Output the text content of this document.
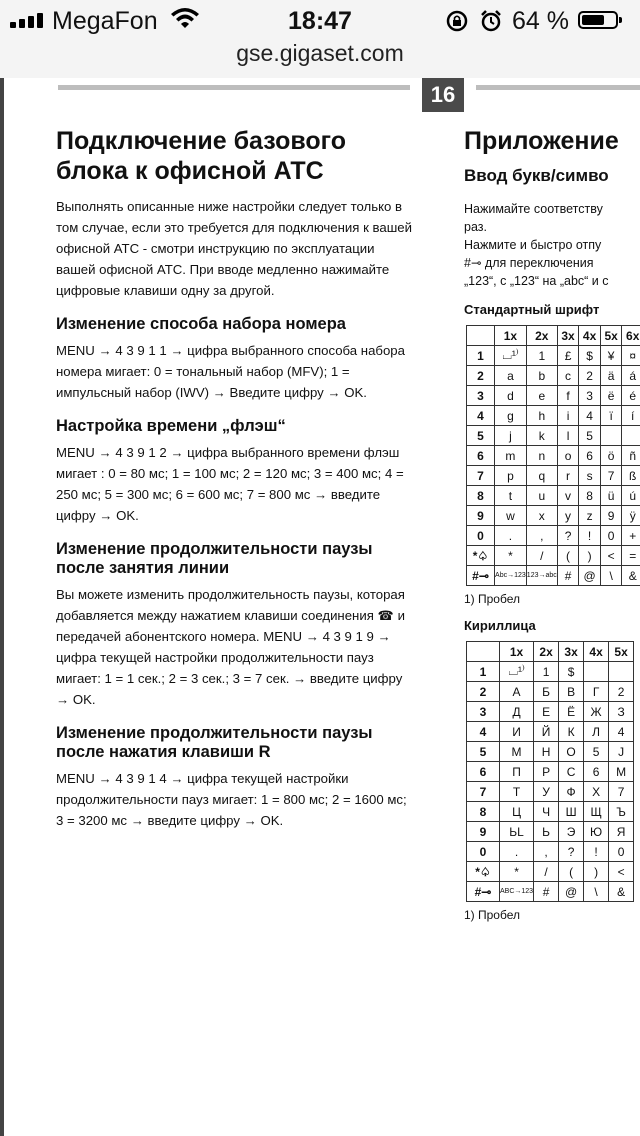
MegaFon	18:47	64 %
gse.gigaset.com
16
Подключение базового блока к офисной АТС

Выполнять описанные ниже настройки следует только в том случае, если это требуется для подключения к вашей офисной АТС - смотри инструкцию по эксплуатации вашей офисной АТС. При вводе медленно нажимайте цифровые клавиши одну за другой.

Изменение способа набора номера

MENU → 4 3 9 1 1 → цифра выбранного способа набора номера мигает: 0 = тональный набор (MFV); 1 = импульсный набор (IWV) → Введите цифру → OK.

Настройка времени „флэш“

MENU → 4 3 9 1 2 → цифра выбранного времени флэш мигает : 0 = 80 мс; 1 = 100 мс; 2 = 120 мс; 3 = 400 мс; 4 = 250 мс; 5 = 300 мс; 6 = 600 мс; 7 = 800 мс → введите цифру → OK.

Изменение продолжительности паузы после занятия линии

Вы можете изменить продолжительность паузы, которая добавляется между нажатием клавиши соединения ☎ и передачей абонентского номера. MENU → 4 3 9 1 9 → цифра текущей настройки продолжительности пауз мигает: 1 = 1 сек.; 2 = 3 сек.; 3 = 7 сек. → введите цифру → OK.

Изменение продолжительности паузы после нажатия клавиши R

MENU → 4 3 9 1 4 → цифра текущей настройки продолжительности пауз мигает: 1 = 800 мс; 2 = 1600 мс; 3 = 3200 мс → введите цифру → OK.

Приложение
Ввод букв/симво

Нажимайте соответству

раз.

Нажмите и быстро отпу

#⊸ для переключения

„123“, с „123“ на „abc“ и с

Стандартный шрифт
	1x	2x	3x	4x	5x	6x
1	⌴¹⁾	1	£	$	¥	¤
2	a	b	c	2	ä	á
3	d	e	f	3	ë	é
4	g	h	i	4	ï	í
5	j	k	l	5		
6	m	n	o	6	ö	ñ
7	p	q	r	s	7	ß
8	t	u	v	8	ü	ú
9	w	x	y	z	9	ÿ
0	.	,	?	!	0	+
*♤	*	/	(	)	<	=
#⊸	Abc→123	123→abc	#	@	\	&
1) Пробел
Кириллица
	1x	2x	3x	4x	5x
1	⌴¹⁾	1	$		
2	А	Б	В	Г	2
3	Д	Е	Ё	Ж	З
4	И	Й	К	Л	4
5	М	Н	О	5	J
6	П	Р	С	6	М
7	Т	У	Ф	Х	7
8	Ц	Ч	Ш	Щ	Ъ
9	ЬL	Ь	Э	Ю	Я
0	.	,	?	!	0
*♤	*	/	(	)	<
#⊸	ABC→123	#	@	\	&
1) Пробел
